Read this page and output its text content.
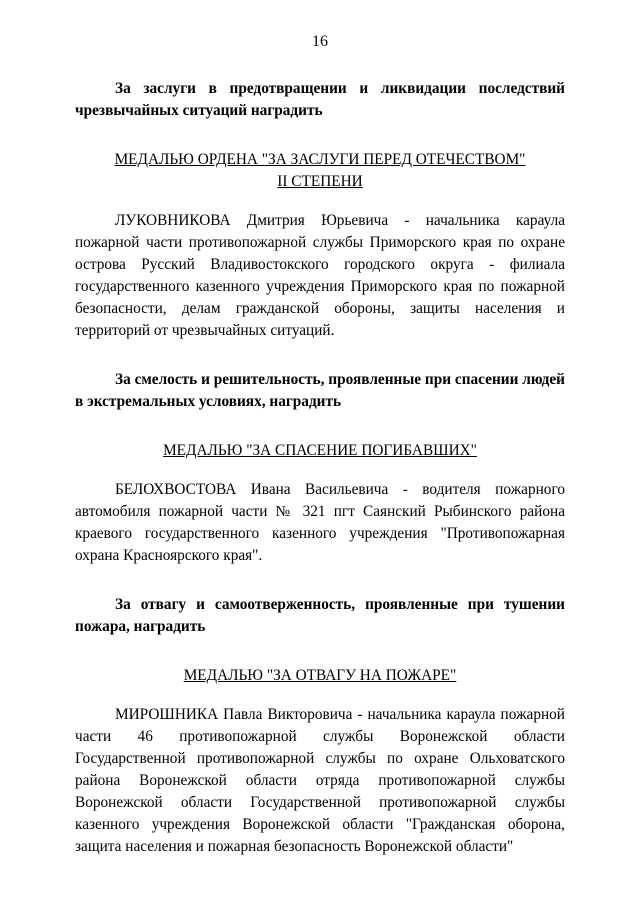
16

За заслуги в предотвращении и ликвидации последствий чрезвычайных ситуаций наградить

МЕДАЛЬЮ ОРДЕНА "ЗА ЗАСЛУГИ ПЕРЕД ОТЕЧЕСТВОМ"

II СТЕПЕНИ

ЛУКОВНИКОВА Дмитрия Юрьевича - начальника караула пожарной части противопожарной службы Приморского края по охране острова Русский Владивостокского городского округа - филиала государственного казенного учреждения Приморского края по пожарной безопасности, делам гражданской обороны, защиты населения и территорий от чрезвычайных ситуаций.

За смелость и решительность, проявленные при спасении людей в экстремальных условиях, наградить

МЕДАЛЬЮ "ЗА СПАСЕНИЕ ПОГИБАВШИХ"

БЕЛОХВОСТОВА Ивана Васильевича - водителя пожарного автомобиля пожарной части № 321 пгт Саянский Рыбинского района краевого государственного казенного учреждения "Противопожарная охрана Красноярского края".

За отвагу и самоотверженность, проявленные при тушении пожара, наградить

МЕДАЛЬЮ "ЗА ОТВАГУ НА ПОЖАРЕ"

МИРОШНИКА Павла Викторовича - начальника караула пожарной части 46 противопожарной службы Воронежской области Государственной противопожарной службы по охране Ольховатского района Воронежской области отряда противопожарной службы Воронежской области Государственной противопожарной службы казенного учреждения Воронежской области "Гражданская оборона, защита населения и пожарная безопасность Воронежской области"
